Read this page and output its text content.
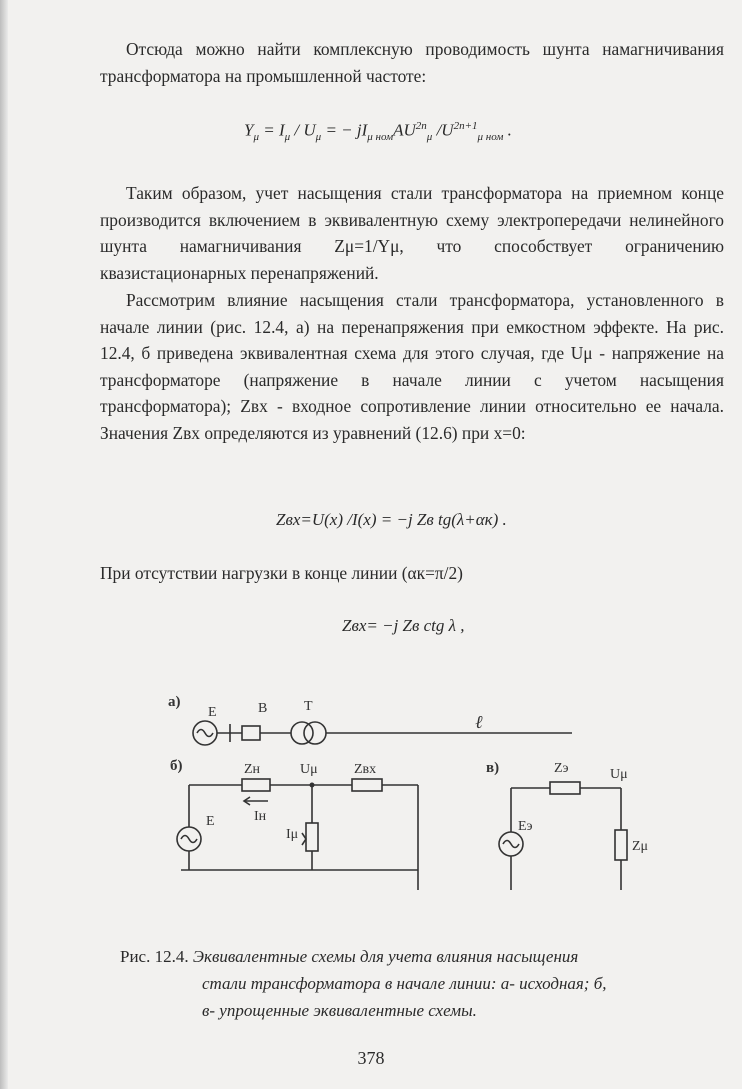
Отсюда можно найти комплексную проводимость шунта намагничивания трансформатора на промышленной частоте:

$Y_\mu = I_\mu / U_\mu$ = − $jI_{\mu ном}AU^{2n}_\mu$ $/U^{2n+1}_{\mu ном}$ .

Таким образом, учет насыщения стали трансформатора на приемном конце производится включением в эквивалентную схему электропередачи нелинейного шунта намагничивания Zμ=1/Yμ, что способствует ограничению квазистационарных перенапряжений.

Рассмотрим влияние насыщения стали трансформатора, установленного в начале линии (рис. 12.4, а) на перенапряжения при емкостном эффекте. На рис. 12.4, б приведена эквивалентная схема для этого случая, где Uμ - напряжение на трансформаторе (напряжение в начале линии с учетом насыщения трансформатора); Zвх - входное сопротивление линии относительно ее начала. Значения Zвх определяются из уравнений (12.6) при x=0:

Zвх=U(x) /I(x) = −j Zв tg(λ+αк) .

При отсутствии нагрузки в конце линии (αк=π/2)

Zвх= −j Zв ctg λ ,
а)
E	B	T
ℓ
б)	Zн	Uμ	Zвх
E	Iн
Iμ
в)	Zэ	Uμ
Eэ
Zμ

Рис. 12.4. Эквивалентные схемы для учета влияния насыщения
стали трансформатора в начале линии: а- исходная; б,
в- упрощенные эквивалентные схемы.

378
